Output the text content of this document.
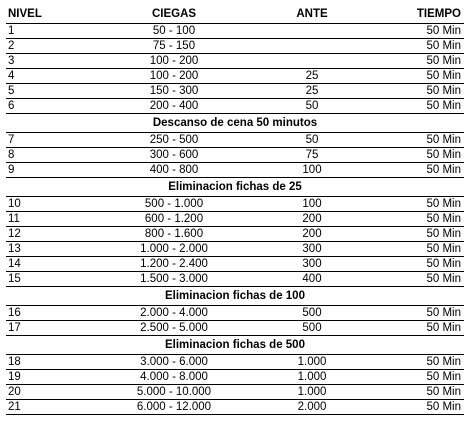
NIVEL	CIEGAS	ANTE	TIEMPO
1	50 - 100		50 Min
2	75 - 150		50 Min
3	100 - 200		50 Min
4	100 - 200	25	50 Min
5	150 - 300	25	50 Min
6	200 - 400	50	50 Min
Descanso de cena 50 minutos			
7	250 - 500	50	50 Min
8	300 - 600	75	50 Min
9	400 - 800	100	50 Min
Eliminacion fichas de 25			
10	500 - 1.000	100	50 Min
11	600 - 1.200	200	50 Min
12	800 - 1.600	200	50 Min
13	1.000 - 2.000	300	50 Min
14	1.200 - 2.400	300	50 Min
15	1.500 - 3.000	400	50 Min
Eliminacion fichas de 100			
16	2.000 - 4.000	500	50 Min
17	2.500 - 5.000	500	50 Min
Eliminacion fichas de 500			
18	3.000 - 6.000	1.000	50 Min
19	4.000 - 8.000	1.000	50 Min
20	5.000 - 10.000	1.000	50 Min
21	6.000 - 12.000	2.000	50 Min
